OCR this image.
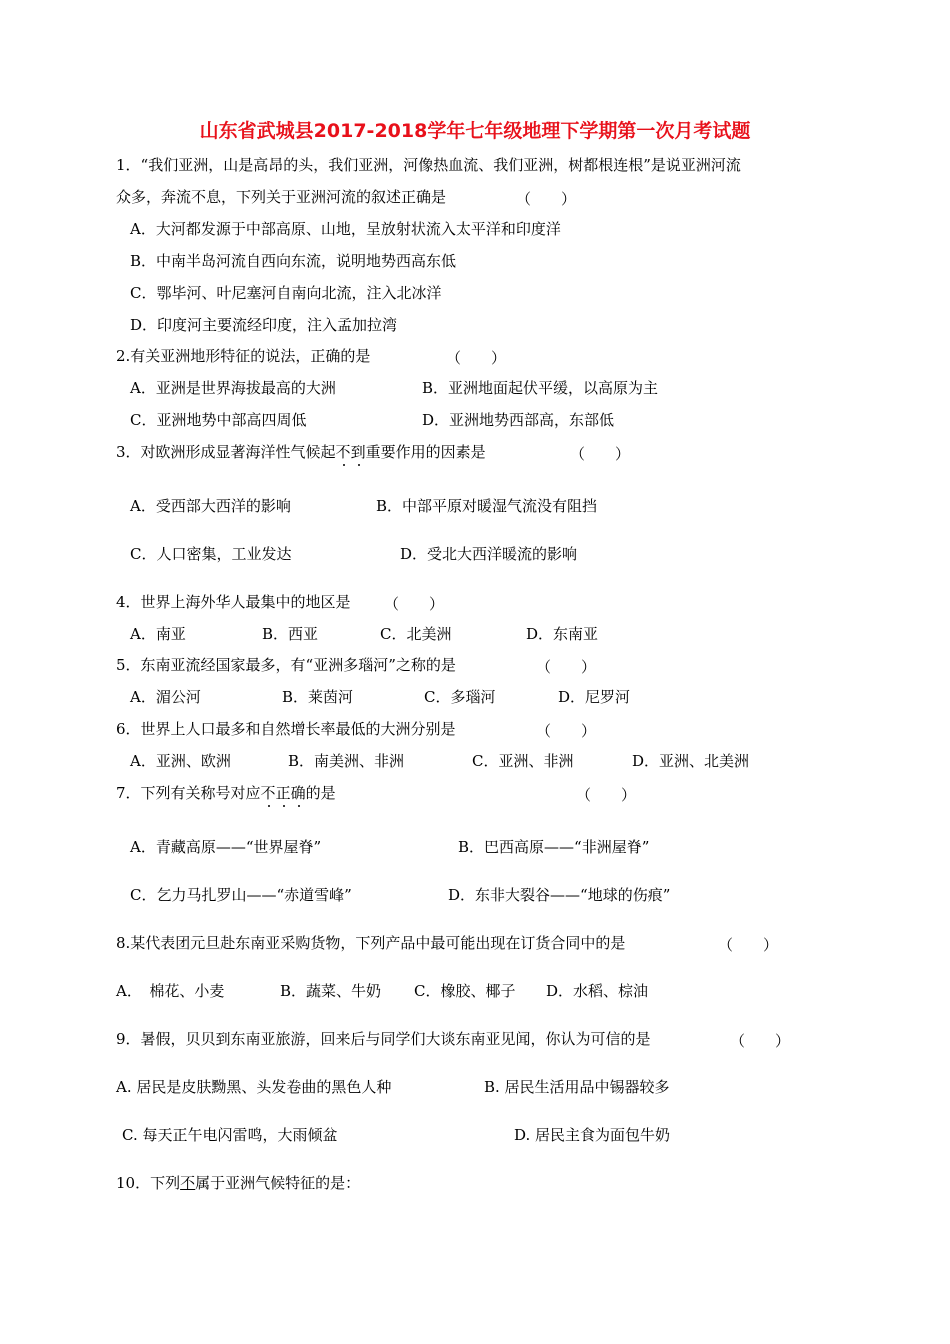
山东省武城县2017-2018学年七年级地理下学期第一次月考试题
1．“我们亚洲，山是高昂的头，我们亚洲，河像热血流、我们亚洲，树都根连根”是说亚洲河流
众多，奔流不息，下列关于亚洲河流的叙述正确是	（　　）
A．大河都发源于中部高原、山地，呈放射状流入太平洋和印度洋
B．中南半岛河流自西向东流，说明地势西高东低
C．鄂毕河、叶尼塞河自南向北流，注入北冰洋
D．印度河主要流经印度，注入孟加拉湾
2.有关亚洲地形特征的说法，正确的是	（　　）
A．亚洲是世界海拔最高的大洲	B．亚洲地面起伏平缓，以高原为主
C．亚洲地势中部高四周低	D．亚洲地势西部高，东部低
3．对欧洲形成显著海洋性气候起不到重要作用的因素是	（　　）
A．受西部大西洋的影响	B．中部平原对暖湿气流没有阻挡
C．人口密集，工业发达	D．受北大西洋暖流的影响
4．世界上海外华人最集中的地区是 （　　）
A．南亚	B．西亚	C．北美洲	D．东南亚
5．东南亚流经国家最多，有“亚洲多瑙河”之称的是	（　　）
A．湄公河	B．莱茵河	C．多瑙河	D．尼罗河
6．世界上人口最多和自然增长率最低的大洲分别是	（　　）
A．亚洲、欧洲	B．南美洲、非洲	C．亚洲、非洲	D．亚洲、北美洲
7．下列有关称号对应不正确的是	（　　）
A．青藏高原——“世界屋脊”	B．巴西高原——“非洲屋脊”
C．乞力马扎罗山——“赤道雪峰”	D．东非大裂谷——“地球的伤痕”
8.某代表团元旦赴东南亚采购货物，下列产品中最可能出现在订货合同中的是	（　　）
A．　棉花、小麦	B．蔬菜、牛奶 C．橡胶、椰子 D．水稻、棕油
9．暑假，贝贝到东南亚旅游，回来后与同学们大谈东南亚见闻，你认为可信的是	（　　）
A. 居民是皮肤黝黑、头发卷曲的黑色人种	B. 居民生活用品中锡器较多
C. 每天正午电闪雷鸣，大雨倾盆	D. 居民主食为面包牛奶
10．下列不属于亚洲气候特征的是：
